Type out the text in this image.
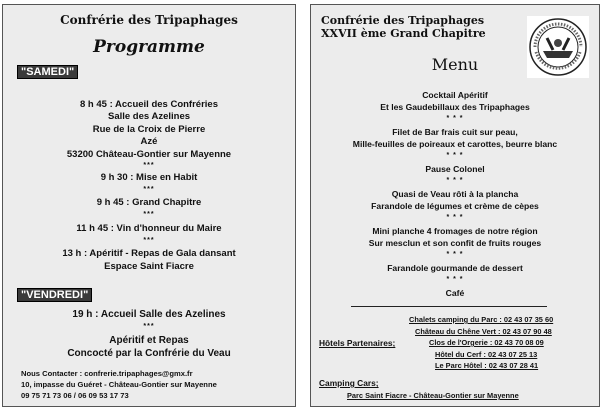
Confrérie des Tripaphages
Programme
"SAMEDI"
8 h 45 : Accueil des Confréries
Salle des Azelines
Rue de la Croix de Pierre
Azé
53200 Château-Gontier sur Mayenne
***
9 h 30 : Mise en Habit
***
9 h 45 : Grand Chapitre
***
11 h 45 : Vin d'honneur du Maire
***
13 h : Apéritif - Repas de Gala dansant
Espace Saint Fiacre
"VENDREDI"
19 h : Accueil Salle des Azelines
***
Apéritif et Repas
Concocté par la Confrérie du Veau
Nous Contacter : confrerie.tripaphages@gmx.fr
10, impasse du Guéret - Château-Gontier sur Mayenne
09 75 71 73 06 / 06 09 53 17 73
Confrérie des Tripaphages
XXVII ème Grand Chapitre
Menu
Cocktail Apéritif
Et les Gaudebillaux des Tripaphages
* * *
Filet de Bar frais cuit sur peau,
Mille-feuilles de poireaux et carottes, beurre blanc
* * *
Pause Colonel
* * *
Quasi de Veau rôti à la plancha
Farandole de légumes et crème de cèpes
* * *
Mini planche 4 fromages de notre région
Sur mesclun et son confit de fruits rouges
* * *
Farandole gourmande de dessert
* * *
Café
Chalets camping du Parc : 02 43 07 35 60
Château du Chêne Vert : 02 43 07 90 48
Hôtels Partenaires;	Clos de l'Orgerie : 02 43 70 08 09
Hôtel du Cerf : 02 43 07 25 13
Le Parc Hôtel : 02 43 07 28 41
Camping Cars;
Parc Saint Fiacre - Château-Gontier sur Mayenne
